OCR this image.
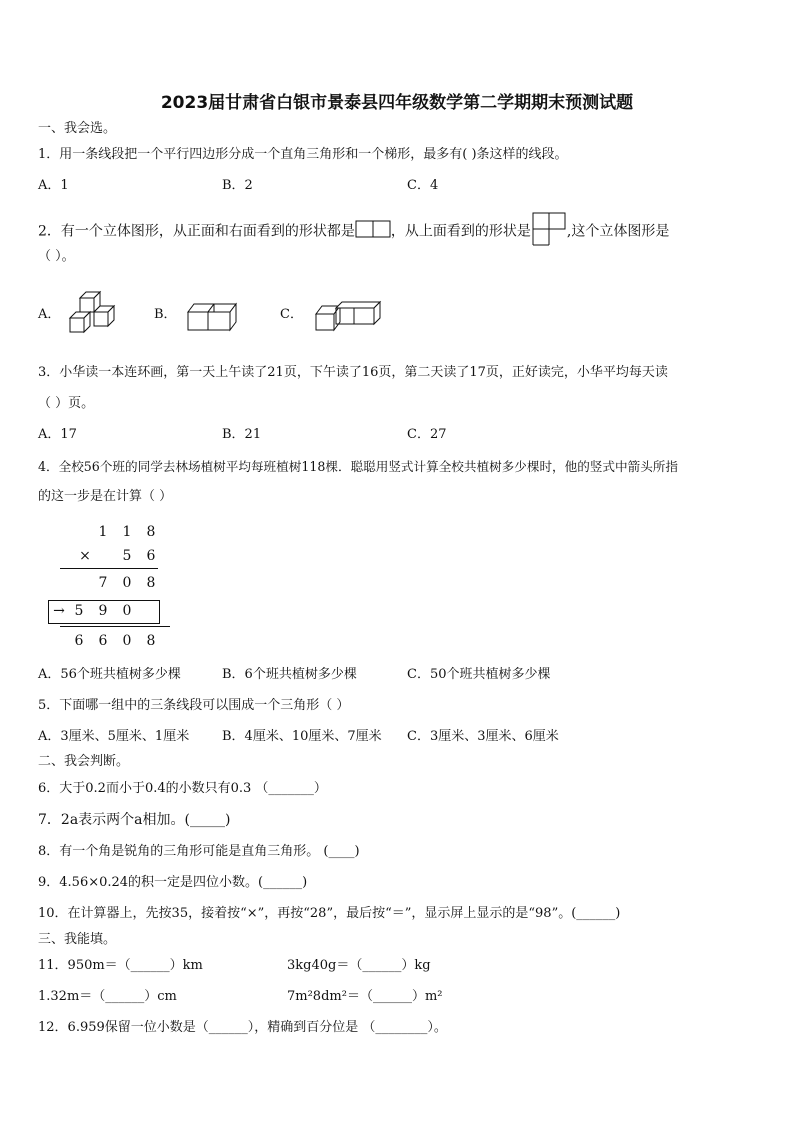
2023届甘肃省白银市景泰县四年级数学第二学期期末预测试题
一、我会选。
1．用一条线段把一个平行四边形分成一个直角三角形和一个梯形，最多有( )条这样的线段。
A．1	B．2	C．4
2．有一个立体图形，从正面和右面看到的形状都是	，从上面看到的形状是	,这个立体图形是
（ ）。
A．	B．	C．
3．小华读一本连环画，第一天上午读了21页，下午读了16页，第二天读了17页，正好读完，小华平均每天读
（ ）页。
A．17	B．21	C．27
4．全校56个班的同学去林场植树平均每班植树118棵．聪聪用竖式计算全校共植树多少棵时，他的竖式中箭头所指
的这一步是在计算（ ）
1	1	8
×	5	6
7	0	8
→ 5	9	0
6	6	0	8
A．56个班共植树多少棵	B．6个班共植树多少棵	C．50个班共植树多少棵
5．下面哪一组中的三条线段可以围成一个三角形（ ）
A．3厘米、5厘米、1厘米	B．4厘米、10厘米、7厘米 C．3厘米、3厘米、6厘米
二、我会判断。
6．大于0.2而小于0.4的小数只有0.3 （_______）
7．2a表示两个a相加。(_____)
8．有一个角是锐角的三角形可能是直角三角形。 (____)
9．4.56×0.24的积一定是四位小数。(______)
10．在计算器上，先按35，接着按“×”，再按“28”，最后按“＝”，显示屏上显示的是“98”。(______)
三、我能填。
11．950m＝（______）km	3kg40g＝（______）kg
1.32m＝（______）cm	7m²8dm²＝（______）m²
12．6.959保留一位小数是（______），精确到百分位是 （________）。
